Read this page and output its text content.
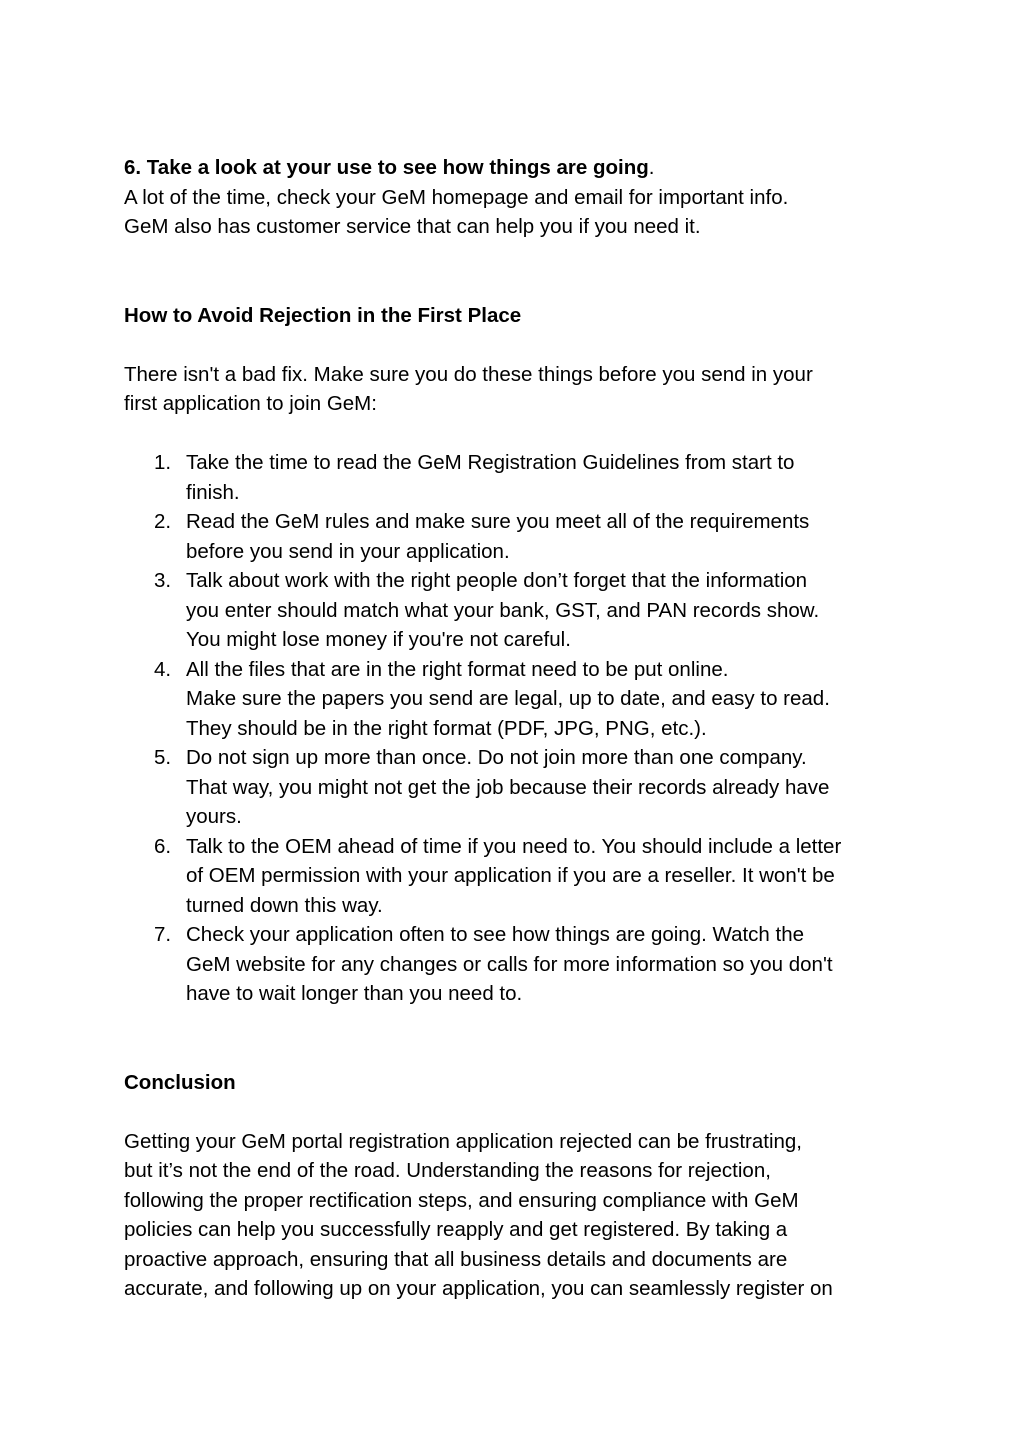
6. Take a look at your use to see how things are going.

A lot of the time, check your GeM homepage and email for important info.

GeM also has customer service that can help you if you need it.

How to Avoid Rejection in the First Place

There isn't a bad fix. Make sure you do these things before you send in your

first application to join GeM:

1. Take the time to read the GeM Registration Guidelines from start to
finish.
2. Read the GeM rules and make sure you meet all of the requirements
before you send in your application.
3. Talk about work with the right people don’t forget that the information
you enter should match what your bank, GST, and PAN records show.
You might lose money if you're not careful.
4. All the files that are in the right format need to be put online.
Make sure the papers you send are legal, up to date, and easy to read.
They should be in the right format (PDF, JPG, PNG, etc.).
5. Do not sign up more than once. Do not join more than one company.
That way, you might not get the job because their records already have
yours.
6. Talk to the OEM ahead of time if you need to. You should include a letter
of OEM permission with your application if you are a reseller. It won't be
turned down this way.
7. Check your application often to see how things are going. Watch the
GeM website for any changes or calls for more information so you don't
have to wait longer than you need to.

Conclusion

Getting your GeM portal registration application rejected can be frustrating,

but it’s not the end of the road. Understanding the reasons for rejection,

following the proper rectification steps, and ensuring compliance with GeM

policies can help you successfully reapply and get registered. By taking a

proactive approach, ensuring that all business details and documents are

accurate, and following up on your application, you can seamlessly register on
